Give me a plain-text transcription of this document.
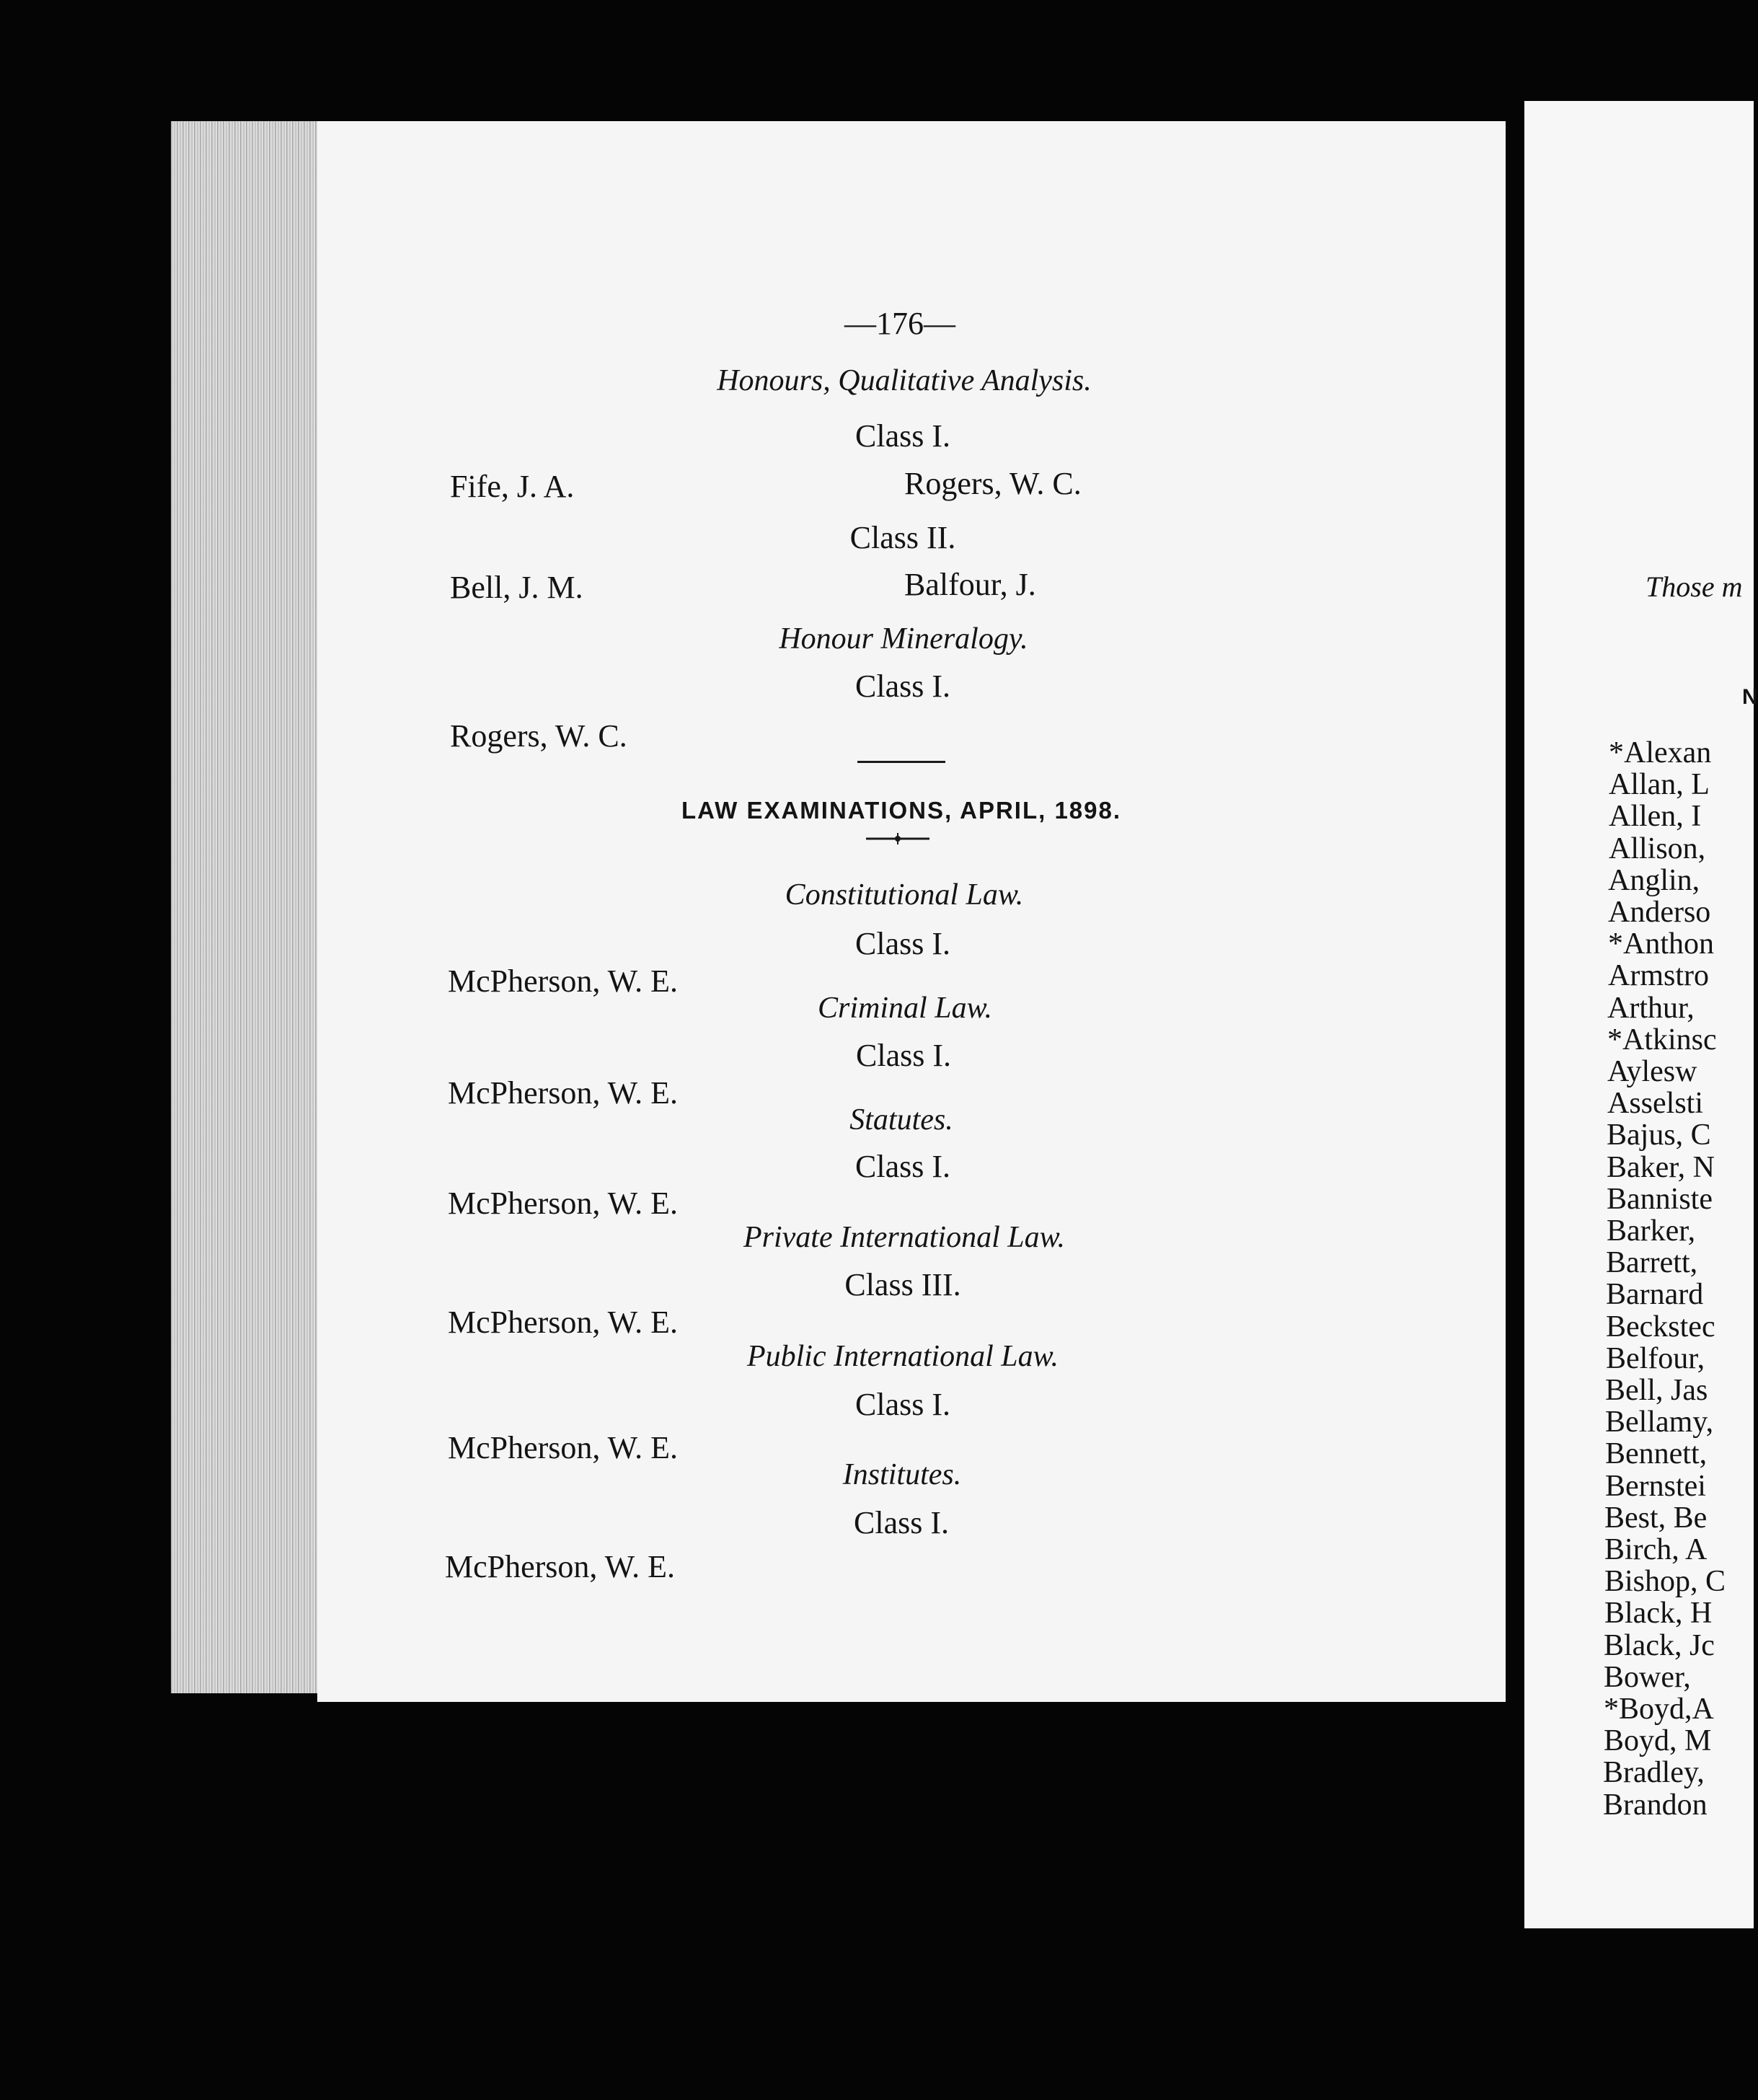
—176—
Honours, Qualitative Analysis.
Class I.
Fife, J. A.	Rogers, W. C.
Class II.
Bell, J. M.	Balfour, J.
Honour Mineralogy.
Class I.
Rogers, W. C.
LAW EXAMINATIONS, APRIL, 1898.
Constitutional Law.
Class I.
McPherson, W. E.
Criminal Law.
Class I.
McPherson, W. E.
Statutes.
Class I.
McPherson, W. E.
Private International Law.
Class III.
McPherson, W. E.
Public International Law.
Class I.
McPherson, W. E.
Institutes.
Class I.
McPherson, W. E.
Those m
N
*Alexan
Allan, L
Allen, I
Allison,
Anglin,
Anderso
*Anthon
Armstro
Arthur,
*Atkinsc
Aylesw
Asselsti
Bajus, C
Baker, N
Banniste
Barker,
Barrett,
Barnard
Beckstec
Belfour,
Bell, Jas
Bellamy,
Bennett,
Bernstei
Best, Be
Birch, A
Bishop, C
Black, H
Black, Jc
Bower,
*Boyd,A
Boyd, M
Bradley,
Brandon
